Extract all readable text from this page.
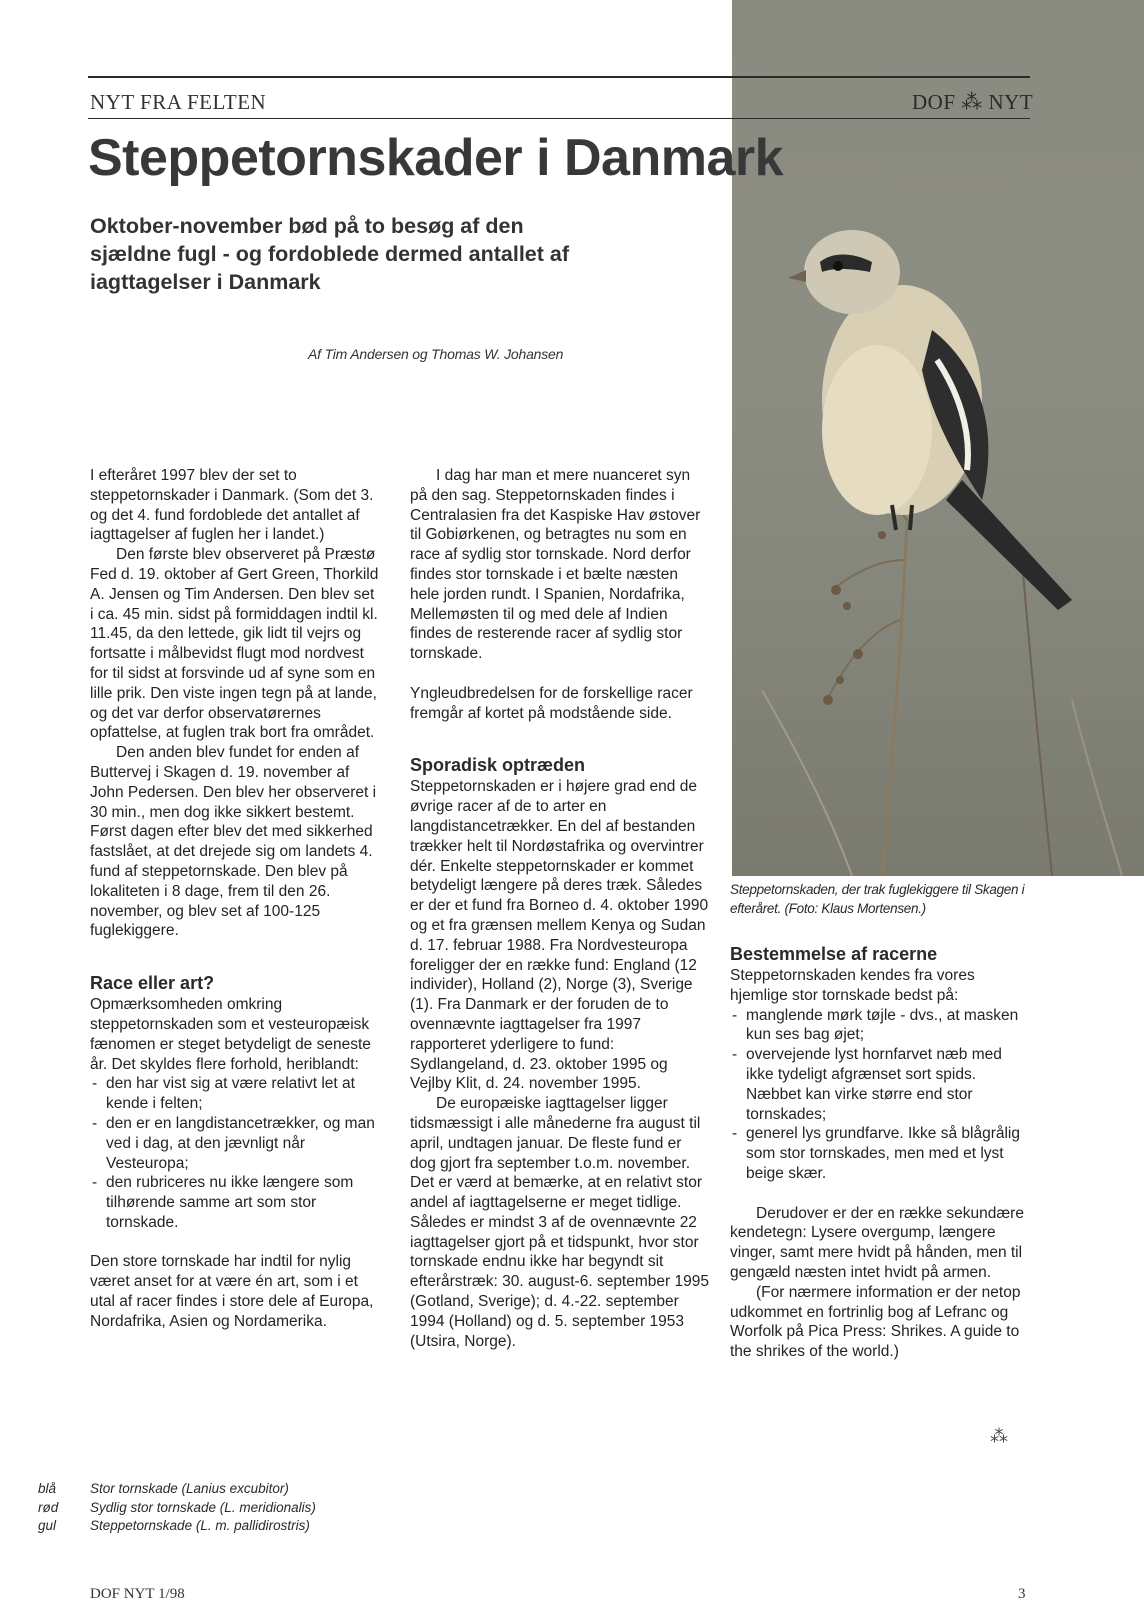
NYT FRA FELTEN	DOF ⁂ NYT
Steppetornskader i Danmark

Oktober-november bød på to besøg af den sjældne fugl - og fordoblede dermed antallet af iagttagelser i Danmark

Af Tim Andersen og Thomas W. Johansen

I efteråret 1997 blev der set to steppetornskader i Danmark. (Som det 3. og det 4. fund fordoblede det antallet af iagttagelser af fuglen her i landet.)

Den første blev observeret på Præstø Fed d. 19. oktober af Gert Green, Thorkild A. Jensen og Tim Andersen. Den blev set i ca. 45 min. sidst på formiddagen indtil kl. 11.45, da den lettede, gik lidt til vejrs og fortsatte i målbevidst flugt mod nordvest for til sidst at forsvinde ud af syne som en lille prik. Den viste ingen tegn på at lande, og det var derfor observatørernes opfattelse, at fuglen trak bort fra området.

Den anden blev fundet for enden af Buttervej i Skagen d. 19. november af John Pedersen. Den blev her observeret i 30 min., men dog ikke sikkert bestemt. Først dagen efter blev det med sikkerhed fastslået, at det drejede sig om landets 4. fund af steppetornskade. Den blev på lokaliteten i 8 dage, frem til den 26. november, og blev set af 100-125 fuglekiggere.

Race eller art?

Opmærksomheden omkring steppetornskaden som et vesteuropæisk fænomen er steget betydeligt de seneste år. Det skyldes flere forhold, heriblandt:

- den har vist sig at være relativt let at kende i felten;
- den er en langdistancetrækker, og man ved i dag, at den jævnligt når Vesteuropa;
- den rubriceres nu ikke længere som tilhørende samme art som stor tornskade.

Den store tornskade har indtil for nylig været anset for at være én art, som i et utal af racer findes i store dele af Europa, Nordafrika, Asien og Nordamerika.

I dag har man et mere nuanceret syn på den sag. Steppetornskaden findes i Centralasien fra det Kaspiske Hav østover til Gobiørkenen, og betragtes nu som en race af sydlig stor tornskade. Nord derfor findes stor tornskade i et bælte næsten hele jorden rundt. I Spanien, Nordafrika, Mellemøsten til og med dele af Indien findes de resterende racer af sydlig stor tornskade.

Yngleudbredelsen for de forskellige racer fremgår af kortet på modstående side.

Sporadisk optræden

Steppetornskaden er i højere grad end de øvrige racer af de to arter en langdistancetrækker. En del af bestanden trækker helt til Nordøstafrika og overvintrer dér. Enkelte steppetornskader er kommet betydeligt længere på deres træk. Således er der et fund fra Borneo d. 4. oktober 1990 og et fra grænsen mellem Kenya og Sudan d. 17. februar 1988. Fra Nordvesteuropa foreligger der en række fund: England (12 individer), Holland (2), Norge (3), Sverige (1). Fra Danmark er der foruden de to ovennævnte iagttagelser fra 1997 rapporteret yderligere to fund: Sydlangeland, d. 23. oktober 1995 og Vejlby Klit, d. 24. november 1995.

De europæiske iagttagelser ligger tidsmæssigt i alle månederne fra august til april, undtagen januar. De fleste fund er dog gjort fra september t.o.m. november. Det er værd at bemærke, at en relativt stor andel af iagttagelserne er meget tidlige. Således er mindst 3 af de ovennævnte 22 iagttagelser gjort på et tidspunkt, hvor stor tornskade endnu ikke har begyndt sit efterårstræk: 30. august-6. september 1995 (Gotland, Sverige); d. 4.-22. september 1994 (Holland) og d. 5. september 1953 (Utsira, Norge).

Steppetornskaden, der trak fuglekiggere til Skagen i efteråret. (Foto: Klaus Mortensen.)
Bestemmelse af racerne

Steppetornskaden kendes fra vores hjemlige stor tornskade bedst på:

- manglende mørk tøjle - dvs., at masken kun ses bag øjet;
- overvejende lyst hornfarvet næb med ikke tydeligt afgrænset sort spids. Næbbet kan virke større end stor tornskades;
- generel lys grundfarve. Ikke så blågrålig som stor tornskades, men med et lyst beige skær.

Derudover er der en række sekundære kendetegn: Lysere overgump, længere vinger, samt mere hvidt på hånden, men til gengæld næsten intet hvidt på armen.

(For nærmere information er der netop udkommet en fortrinlig bog af Lefranc og Worfolk på Pica Press: Shrikes. A guide to the shrikes of the world.)

⁂
blå	Stor tornskade (Lanius excubitor)
rød	Sydlig stor tornskade (L. meridionalis)
gul	Steppetornskade (L. m. pallidirostris)
DOF NYT 1/98	3
